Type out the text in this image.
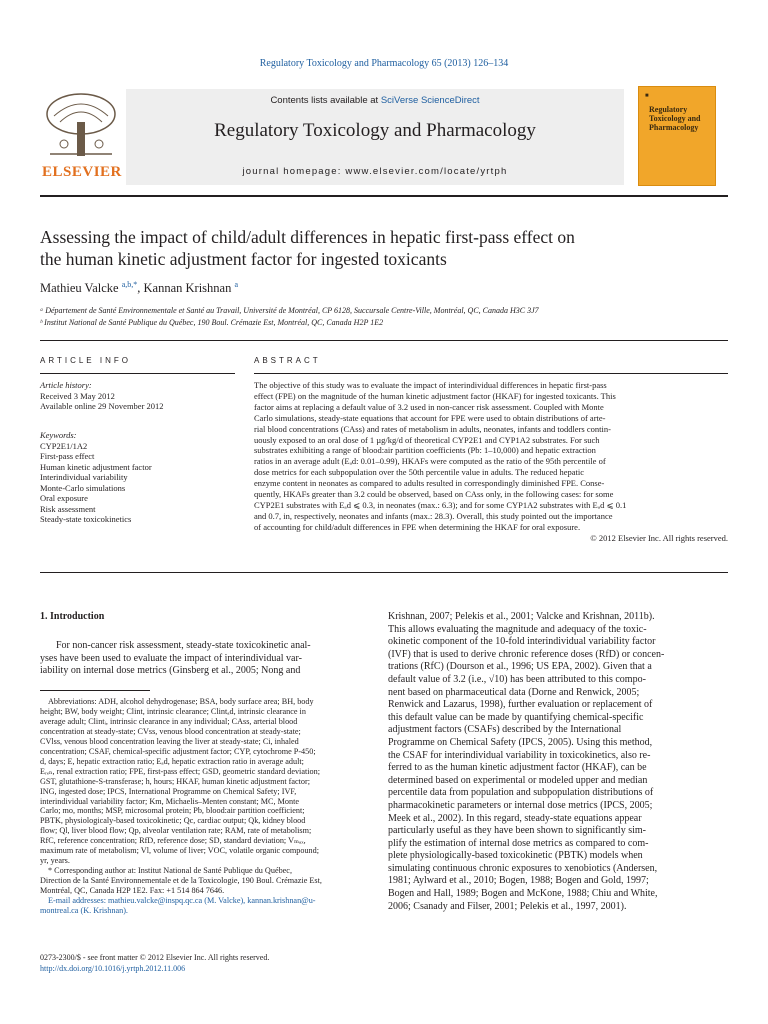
Regulatory Toxicology and Pharmacology 65 (2013) 126–134
ELSEVIER
Contents lists available at SciVerse ScienceDirect
Regulatory Toxicology and Pharmacology
journal homepage: www.elsevier.com/locate/yrtph
■
Regulatory Toxicology and Pharmacology
Assessing the impact of child/adult differences in hepatic first-pass effect on
the human kinetic adjustment factor for ingested toxicants
Mathieu Valcke $^{a,b,*}$, Kannan Krishnan $^a$
ᵃ Département de Santé Environnementale et Santé au Travail, Université de Montréal, CP 6128, Succursale Centre-Ville, Montréal, QC, Canada H3C 3J7
ᵇ Institut National de Santé Publique du Québec, 190 Boul. Crémazie Est, Montréal, QC, Canada H2P 1E2
ARTICLE INFO	ABSTRACT
Article history:
Received 3 May 2012
Available online 29 November 2012
Keywords:
CYP2E1/1A2
First-pass effect
Human kinetic adjustment factor
Interindividual variability
Monte-Carlo simulations
Oral exposure
Risk assessment
Steady-state toxicokinetics
The objective of this study was to evaluate the impact of interindividual differences in hepatic first-pass
effect (FPE) on the magnitude of the human kinetic adjustment factor (HKAF) for ingested toxicants. This
factor aims at replacing a default value of 3.2 used in non-cancer risk assessment. Coupled with Monte
Carlo simulations, steady-state equations that account for FPE were used to obtain distributions of arte-
rial blood concentrations (CAss) and rates of metabolism in adults, neonates, infants and toddlers contin-
uously exposed to an oral dose of 1 µg/kg/d of theoretical CYP2E1 and CYP1A2 substrates. For such
substrates exhibiting a range of blood:air partition coefficients (Pb: 1–10,000) and hepatic extraction
ratios in an average adult (Eₐd: 0.01–0.99), HKAFs were computed as the ratio of the 95th percentile of
dose metrics for each subpopulation over the 50th percentile value in adults. The reduced hepatic
enzyme content in neonates as compared to adults resulted in correspondingly diminished FPE. Conse-
quently, HKAFs greater than 3.2 could be observed, based on CAss only, in the following cases: for some
CYP2E1 substrates with Eₐd ⩽ 0.3, in neonates (max.: 6.3); and for some CYP1A2 substrates with Eₐd ⩽ 0.1
and 0.7, in, respectively, neonates and infants (max.: 28.3). Overall, this study pointed out the importance
of accounting for child/adult differences in FPE when determining the HKAF for oral exposure.
© 2012 Elsevier Inc. All rights reserved.
1. Introduction
For non-cancer risk assessment, steady-state toxicokinetic anal-
yses have been used to evaluate the impact of interindividual var-
iability on internal dose metrics (Ginsberg et al., 2005; Nong and
Abbreviations: ADH, alcohol dehydrogenase; BSA, body surface area; BH, body
height; BW, body weight; Clint, intrinsic clearance; Clintₐd, intrinsic clearance in
average adult; Clintᵢ, intrinsic clearance in any individual; CAss, arterial blood
concentration at steady-state; CVss, venous blood concentration at steady-state;
CVlss, venous blood concentration leaving the liver at steady-state; Ci, inhaled
concentration; CSAF, chemical-specific adjustment factor; CYP, cytochrome P-450;
d, days; E, hepatic extraction ratio; Eₐd, hepatic extraction ratio in average adult;
Eᵣₑₙ, renal extraction ratio; FPE, first-pass effect; GSD, geometric standard deviation;
GST, glutathione-S-transferase; h, hours; HKAF, human kinetic adjustment factor;
ING, ingested dose; IPCS, International Programme on Chemical Safety; IVF,
interindividual variability factor; Km, Michaelis–Menten constant; MC, Monte
Carlo; mo, months; MSP, microsomal protein; Pb, blood:air partition coefficient;
PBTK, physiologicaly-based toxicokinetic; Qc, cardiac output; Qk, kidney blood
flow; Ql, liver blood flow; Qp, alveolar ventilation rate; RAM, rate of metabolism;
RfC, reference concentration; RfD, reference dose; SD, standard deviation; Vₘₐₓ,
maximum rate of metabolism; Vl, volume of liver; VOC, volatile organic compound;
yr, years.
* Corresponding author at: Institut National de Santé Publique du Québec,
Direction de la Santé Environnementale et de la Toxicologie, 190 Boul. Crémazie Est,
Montréal, QC, Canada H2P 1E2. Fax: +1 514 864 7646.
E-mail addresses: mathieu.valcke@inspq.qc.ca (M. Valcke), kannan.krishnan@u-
montreal.ca (K. Krishnan).
Krishnan, 2007; Pelekis et al., 2001; Valcke and Krishnan, 2011b).
This allows evaluating the magnitude and adequacy of the toxic-
okinetic component of the 10-fold interindividual variability factor
(IVF) that is used to derive chronic reference doses (RfD) or concen-
trations (RfC) (Dourson et al., 1996; US EPA, 2002). Given that a
default value of 3.2 (i.e., √10) has been attributed to this compo-
nent based on pharmaceutical data (Dorne and Renwick, 2005;
Renwick and Lazarus, 1998), further evaluation or replacement of
this default value can be made by quantifying chemical-specific
adjustment factors (CSAFs) described by the International
Programme on Chemical Safety (IPCS, 2005). Using this method,
the CSAF for interindividual variability in toxicokinetics, also re-
ferred to as the human kinetic adjustment factor (HKAF), can be
determined based on experimental or modeled upper and median
percentile data from population and subpopulation distributions of
pharmacokinetic parameters or internal dose metrics (IPCS, 2005;
Meek et al., 2002). In this regard, steady-state equations appear
particularly useful as they have been shown to significantly sim-
plify the estimation of internal dose metrics as compared to com-
plete physiologically-based toxicokinetic (PBTK) models when
simulating continuous chronic exposures to xenobiotics (Andersen,
1981; Aylward et al., 2010; Bogen, 1988; Bogen and Gold, 1997;
Bogen and Hall, 1989; Bogen and McKone, 1988; Chiu and White,
2006; Csanady and Filser, 2001; Pelekis et al., 1997, 2001).
0273-2300/$ - see front matter © 2012 Elsevier Inc. All rights reserved.
http://dx.doi.org/10.1016/j.yrtph.2012.11.006
